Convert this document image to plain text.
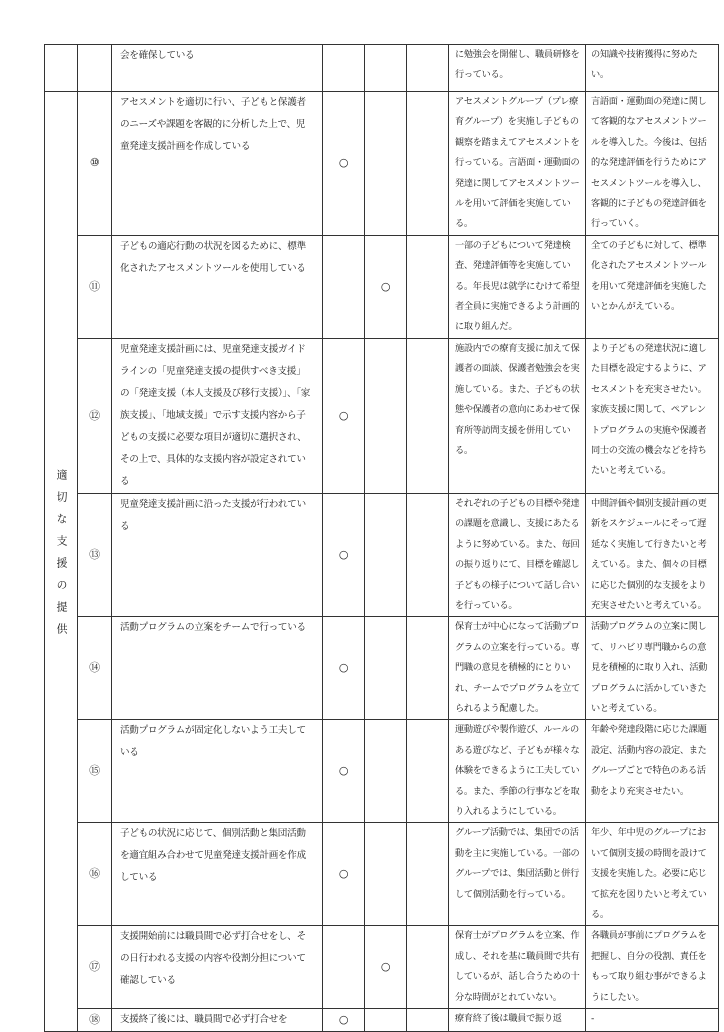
		会を確保している				に勉強会を開催し、職員研修を行っている。	の知識や技術獲得に努めたい。
適切な支援の提供	⑩	アセスメントを適切に行い、子どもと保護者のニーズや課題を客観的に分析した上で、児童発達支援計画を作成している	○			アセスメントグループ（プレ療育グループ）を実施し子どもの観察を踏まえてアセスメントを行っている。言語面・運動面の発達に関してアセスメントツールを用いて評価を実施している。	言語面・運動面の発達に関して客観的なアセスメントツールを導入した。今後は、包括的な発達評価を行うためにアセスメントツールを導入し、客観的に子どもの発達評価を行っていく。
	⑪	子どもの適応行動の状況を図るために、標準化されたアセスメントツールを使用している		○		一部の子どもについて発達検査、発達評価等を実施している。年長児は就学にむけて希望者全員に実施できるよう計画的に取り組んだ。	全ての子どもに対して、標準化されたアセスメントツールを用いて発達評価を実施したいとかんがえている。
	⑫	児童発達支援計画には、児童発達支援ガイドラインの「児童発達支援の提供すべき支援」の「発達支援（本人支援及び移行支援）」、「家族支援」、「地域支援」で示す支援内容から子どもの支援に必要な項目が適切に選択され、その上で、具体的な支援内容が設定されている	○			施設内での療育支援に加えて保護者の面談、保護者勉強会を実施している。また、子どもの状態や保護者の意向にあわせて保育所等訪問支援を併用している。	より子どもの発達状況に適した目標を設定するように、アセスメントを充実させたい。家族支援に関して、ペアレントプログラムの実施や保護者同士の交流の機会などを持ちたいと考えている。
	⑬	児童発達支援計画に沿った支援が行われている	○			それぞれの子どもの目標や発達の課題を意識し、支援にあたるように努めている。また、毎回の振り返りにて、目標を確認し子どもの様子について話し合いを行っている。	中間評価や個別支援計画の更新をスケジュールにそって遅延なく実施して行きたいと考えている。また、個々の目標に応じた個別的な支援をより充実させたいと考えている。
	⑭	活動プログラムの立案をチームで行っている	○			保育士が中心になって活動プログラムの立案を行っている。専門職の意見を積極的にとりいれ、チームでプログラムを立てられるよう配慮した。	活動プログラムの立案に関して、リハビリ専門職からの意見を積極的に取り入れ、活動プログラムに活かしていきたいと考えている。
	⑮	活動プログラムが固定化しないよう工夫している	○			運動遊びや製作遊び、ルールのある遊びなど、子どもが様々な体験をできるように工夫している。また、季節の行事などを取り入れるようにしている。	年齢や発達段階に応じた課題設定、活動内容の設定、またグループごとで特色のある活動をより充実させたい。
	⑯	子どもの状況に応じて、個別活動と集団活動を適宜組み合わせて児童発達支援計画を作成している	○			グループ活動では、集団での活動を主に実施している。一部のグループでは、集団活動と併行して個別活動を行っている。	年少、年中児のグループにおいて個別支援の時間を設けて支援を実施した。必要に応じて拡充を図りたいと考えている。
	⑰	支援開始前には職員間で必ず打合せをし、その日行われる支援の内容や役割分担について確認している		○		保育士がプログラムを立案、作成し、それを基に職員間で共有しているが、話し合うための十分な時間がとれていない。	各職員が事前にプログラムを把握し、自分の役割、責任をもって取り組む事ができるようにしたい。
	⑱	支援終了後には、職員間で必ず打合せを	○			療育終了後は職員で振り返	-
